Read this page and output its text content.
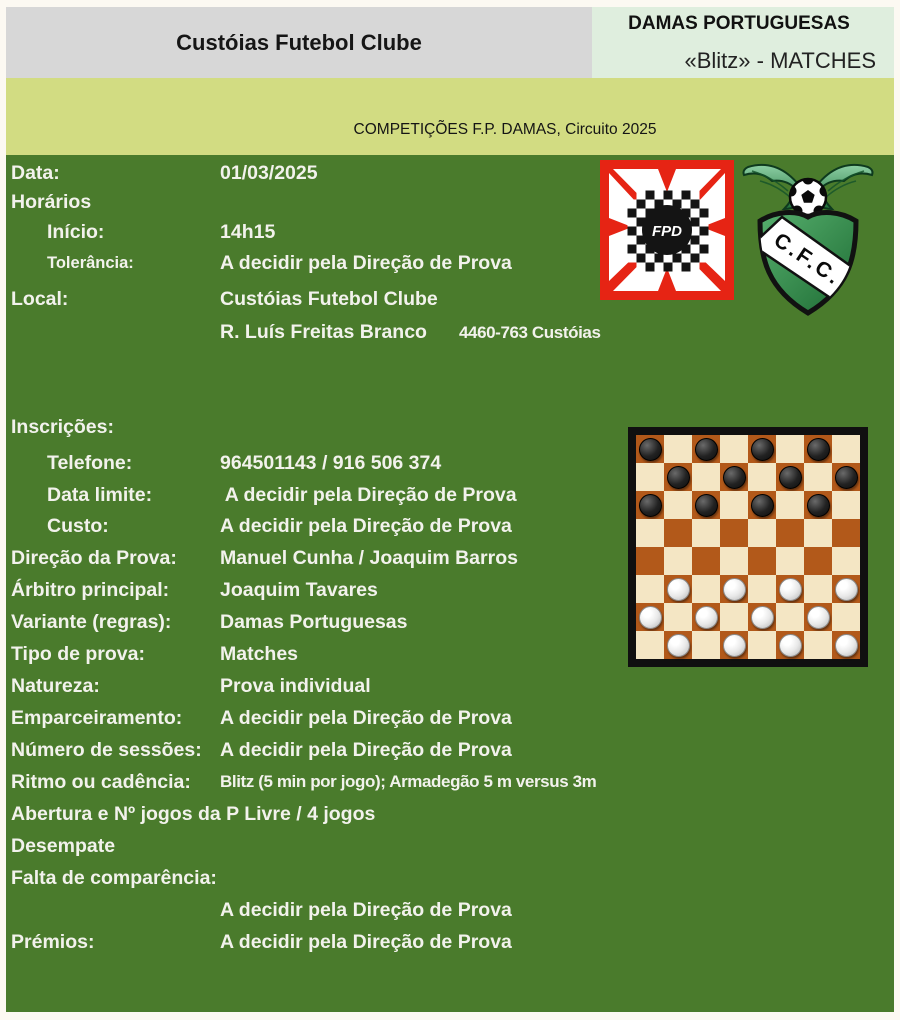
Custóias Futebol Clube
DAMAS PORTUGUESAS
«Blitz» - MATCHES
COMPETIÇÕES F.P. DAMAS, Circuito 2025
Data:	01/03/2025
Horários
Início:	14h15
Tolerância:	A decidir pela Direção de Prova
Local:	Custóias Futebol Clube
R. Luís Freitas Branco 4460-763 Custóias
Inscrições:
Telefone:	964501143 / 916 506 374
Data limite:	A decidir pela Direção de Prova
Custo:	A decidir pela Direção de Prova
Direção da Prova:	Manuel Cunha / Joaquim Barros
Árbitro principal:	Joaquim Tavares
Variante (regras):	Damas Portuguesas
Tipo de prova:	Matches
Natureza:	Prova individual
Emparceiramento:	A decidir pela Direção de Prova
Número de sessões: A decidir pela Direção de Prova
Ritmo ou cadência:	Blitz (5 min por jogo); Armadegão 5 m versus 3m
Abertura e Nº jogos da P Livre / 4 jogos
Desempate
Falta de comparência:
A decidir pela Direção de Prova
Prémios:	A decidir pela Direção de Prova
FPD	C.F.C.
